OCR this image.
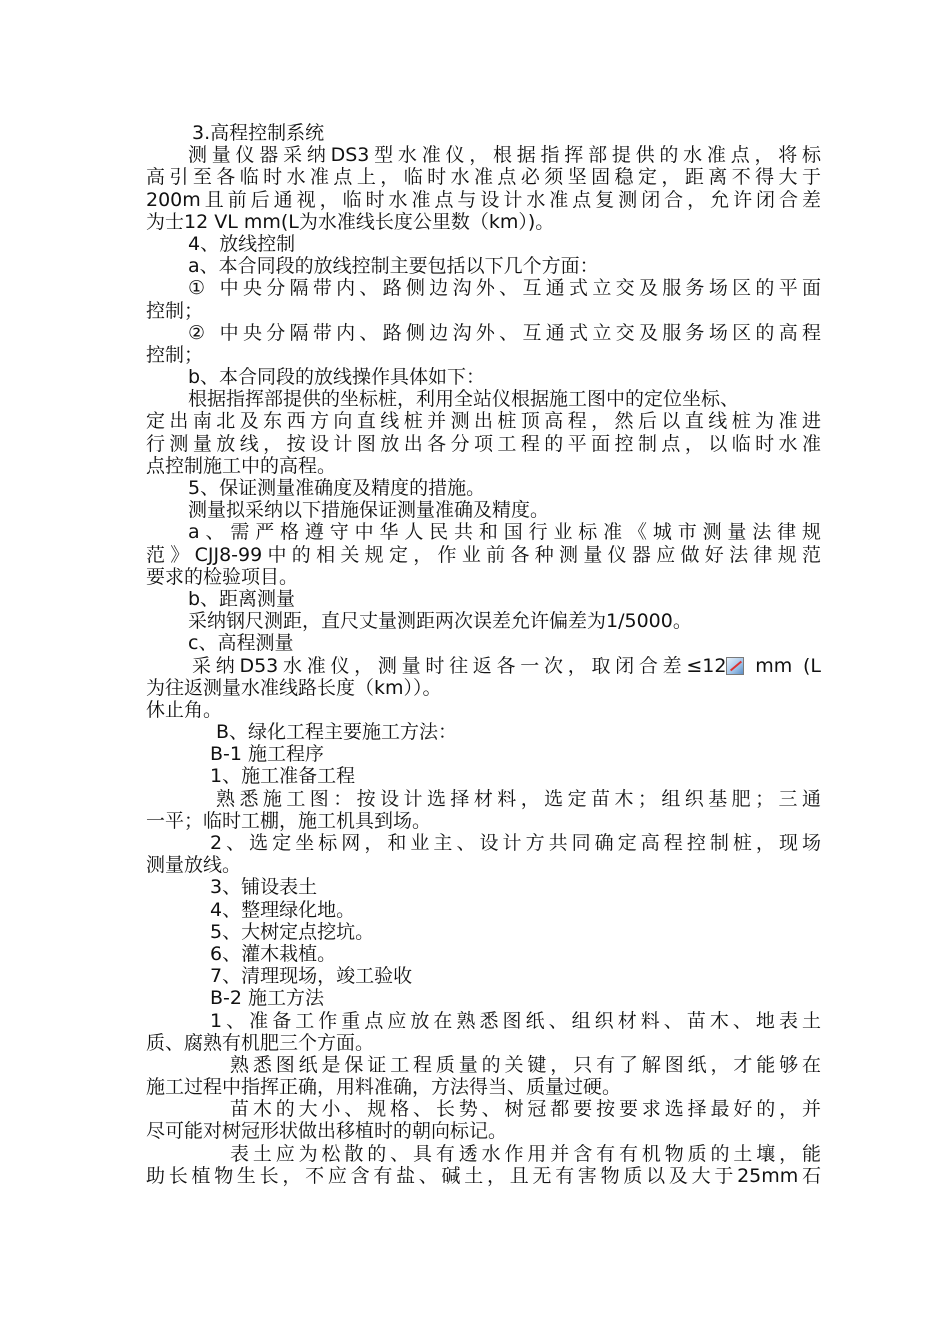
3.高程控制系统

测量仪器采纳DS3型水准仪，根据指挥部提供的水准点，将标

高引至各临时水准点上，临时水准点必须坚固稳定，距离不得大于

200m且前后通视，临时水准点与设计水准点复测闭合，允许闭合差

为士12 VL mm(L为水准线长度公里数（km）)。

4、放线控制

a、本合同段的放线控制主要包括以下几个方面：

① 中央分隔带内、路侧边沟外、互通式立交及服务场区的平面

控制；

② 中央分隔带内、路侧边沟外、互通式立交及服务场区的高程

控制；

b、本合同段的放线操作具体如下：

根据指挥部提供的坐标桩，利用全站仪根据施工图中的定位坐标、

定出南北及东西方向直线桩并测出桩顶高程，然后以直线桩为准进

行测量放线，按设计图放出各分项工程的平面控制点，以临时水准

点控制施工中的高程。

5、保证测量准确度及精度的措施。

测量拟采纳以下措施保证测量准确及精度。

a、需严格遵守中华人民共和国行业标准《城市测量法律规

范》CJJ8-99中的相关规定，作业前各种测量仪器应做好法律规范

要求的检验项目。

b、距离测量

采纳钢尺测距，直尺丈量测距两次误差允许偏差为1/5000。

c、高程测量

采纳D53水准仪，测量时往返各一次，取闭合差≤12 mm (L

为往返测量水准线路长度（km））。

休止角。

B、绿化工程主要施工方法：

B-1 施工程序

1、施工准备工程

熟悉施工图：按设计选择材料，选定苗木；组织基肥；三通

一平；临时工棚，施工机具到场。

2、选定坐标网，和业主、设计方共同确定高程控制桩，现场

测量放线。

3、铺设表土

4、整理绿化地。

5、大树定点挖坑。

6、灌木栽植。

7、清理现场，竣工验收

B-2 施工方法

1、准备工作重点应放在熟悉图纸、组织材料、苗木、地表土

质、腐熟有机肥三个方面。

熟悉图纸是保证工程质量的关键，只有了解图纸，才能够在

施工过程中指挥正确，用料准确，方法得当、质量过硬。

苗木的大小、规格、长势、树冠都要按要求选择最好的，并

尽可能对树冠形状做出移植时的朝向标记。

表土应为松散的、具有透水作用并含有有机物质的土壤，能

助长植物生长，不应含有盐、碱土，且无有害物质以及大于25mm石
